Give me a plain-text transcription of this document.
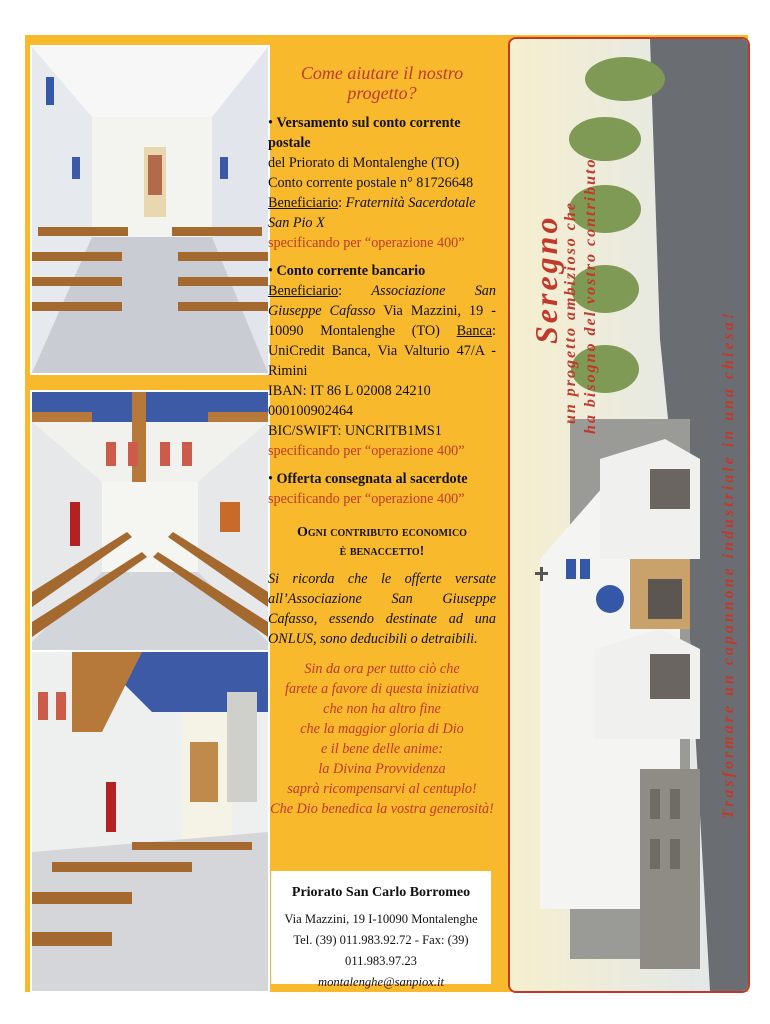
Come aiutare il nostro progetto?

• Versamento sul conto corrente postale

del Priorato di Montalenghe (TO)

Conto corrente postale n° 81726648

Beneficiario: Fraternità Sacerdotale San Pio X

specificando per “operazione 400”

• Conto corrente bancario

Beneficiario: Associazione San Giuseppe Cafasso Via Mazzini, 19 - 10090 Montalenghe (TO) Banca: UniCredit Banca, Via Valturio 47/A - Rimini

IBAN: IT 86 L 02008 24210 000100902464

BIC/SWIFT: UNCRITB1MS1

specificando per “operazione 400”

• Offerta consegnata al sacerdote

specificando per “operazione 400”

Ogni contributo economico
è benaccetto!

Si ricorda che le offerte versate all’Associazione San Giuseppe Cafasso, essendo destinate ad una ONLUS, sono deducibili o detraibili.

Sin da ora per tutto ciò che
farete a favore di questa iniziativa
che non ha altro fine
che la maggior gloria di Dio
e il bene delle anime:
la Divina Provvidenza
saprà ricompensarvi al centuplo!
Che Dio benedica la vostra generosità!
Priorato San Carlo Borromeo
Via Mazzini, 19 I-10090 Montalenghe
Tel. (39) 011.983.92.72 - Fax: (39) 011.983.97.23
montalenghe@sanpiox.it
Seregno
un progetto ambizioso che ha bisogno del vostro contributo
Trasformare un capannone industriale in una chiesa!
